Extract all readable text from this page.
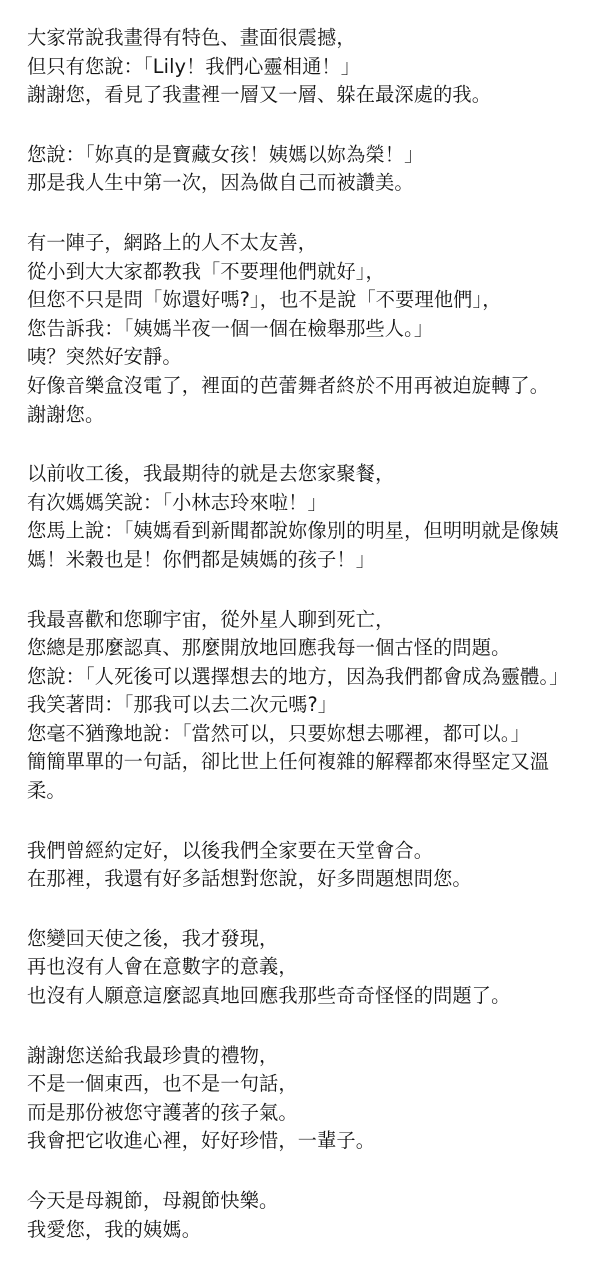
大家常說我畫得有特色、畫面很震撼，
但只有您說：「Lily！我們心靈相通！」
謝謝您，看見了我畫裡一層又一層、躲在最深處的我。
您說：「妳真的是寶藏女孩！姨媽以妳為榮！」
那是我人生中第一次，因為做自己而被讚美。
有一陣子，網路上的人不太友善，
從小到大大家都教我「不要理他們就好」，
但您不只是問「妳還好嗎?」，也不是說「不要理他們」，
您告訴我：「姨媽半夜一個一個在檢舉那些人。」
咦？突然好安靜。
好像音樂盒沒電了，裡面的芭蕾舞者終於不用再被迫旋轉了。
謝謝您。
以前收工後，我最期待的就是去您家聚餐，
有次媽媽笑說：「小林志玲來啦！」
您馬上說：「姨媽看到新聞都說妳像別的明星，但明明就是像姨媽！米穀也是！你們都是姨媽的孩子！」
我最喜歡和您聊宇宙，從外星人聊到死亡，
您總是那麼認真、那麼開放地回應我每一個古怪的問題。
您說：「人死後可以選擇想去的地方，因為我們都會成為靈體。」
我笑著問：「那我可以去二次元嗎?」
您毫不猶豫地說：「當然可以，只要妳想去哪裡，都可以。」
簡簡單單的一句話，卻比世上任何複雜的解釋都來得堅定又溫柔。
我們曾經約定好，以後我們全家要在天堂會合。
在那裡，我還有好多話想對您說，好多問題想問您。
您變回天使之後，我才發現，
再也沒有人會在意數字的意義，
也沒有人願意這麼認真地回應我那些奇奇怪怪的問題了。
謝謝您送給我最珍貴的禮物，
不是一個東西，也不是一句話，
而是那份被您守護著的孩子氣。
我會把它收進心裡，好好珍惜，一輩子。
今天是母親節，母親節快樂。
我愛您，我的姨媽。
